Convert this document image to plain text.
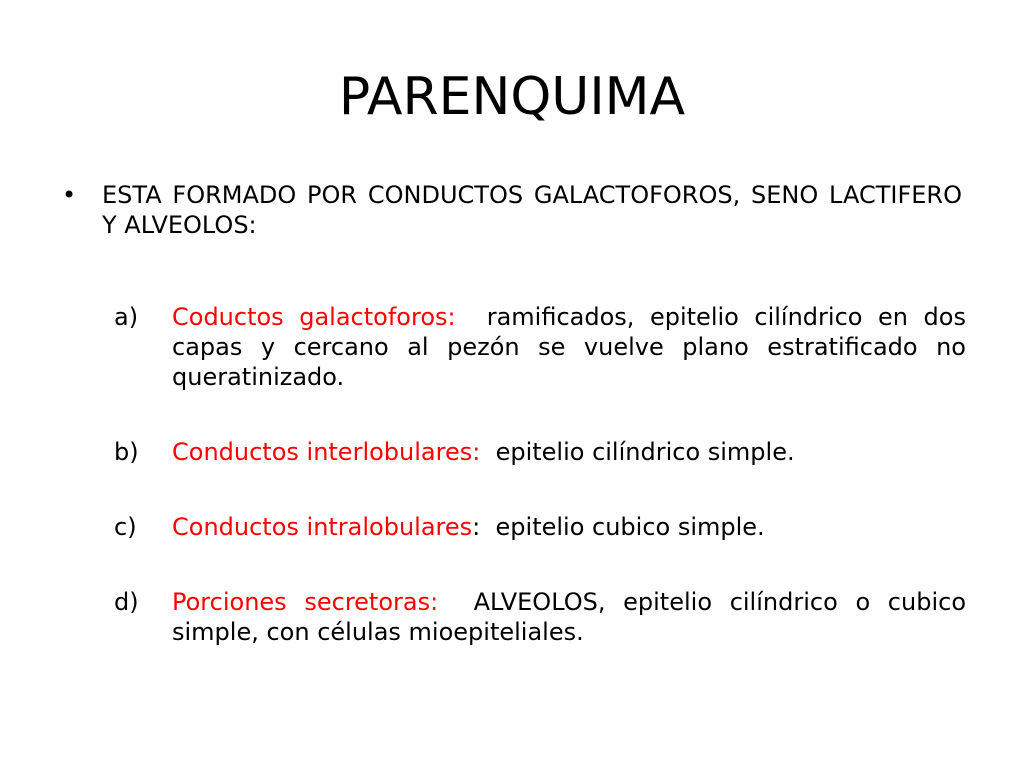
PARENQUIMA
• ESTA FORMADO POR CONDUCTOS GALACTOFOROS, SENO LACTIFERO Y ALVEOLOS:
a) Coductos galactoforos: ramificados, epitelio cilíndrico en dos capas y cercano al pezón se vuelve plano estratificado no queratinizado.
b) Conductos interlobulares: epitelio cilíndrico simple.
c) Conductos intralobulares: epitelio cubico simple.
d) Porciones secretoras: ALVEOLOS, epitelio cilíndrico o cubico simple, con células mioepiteliales.
